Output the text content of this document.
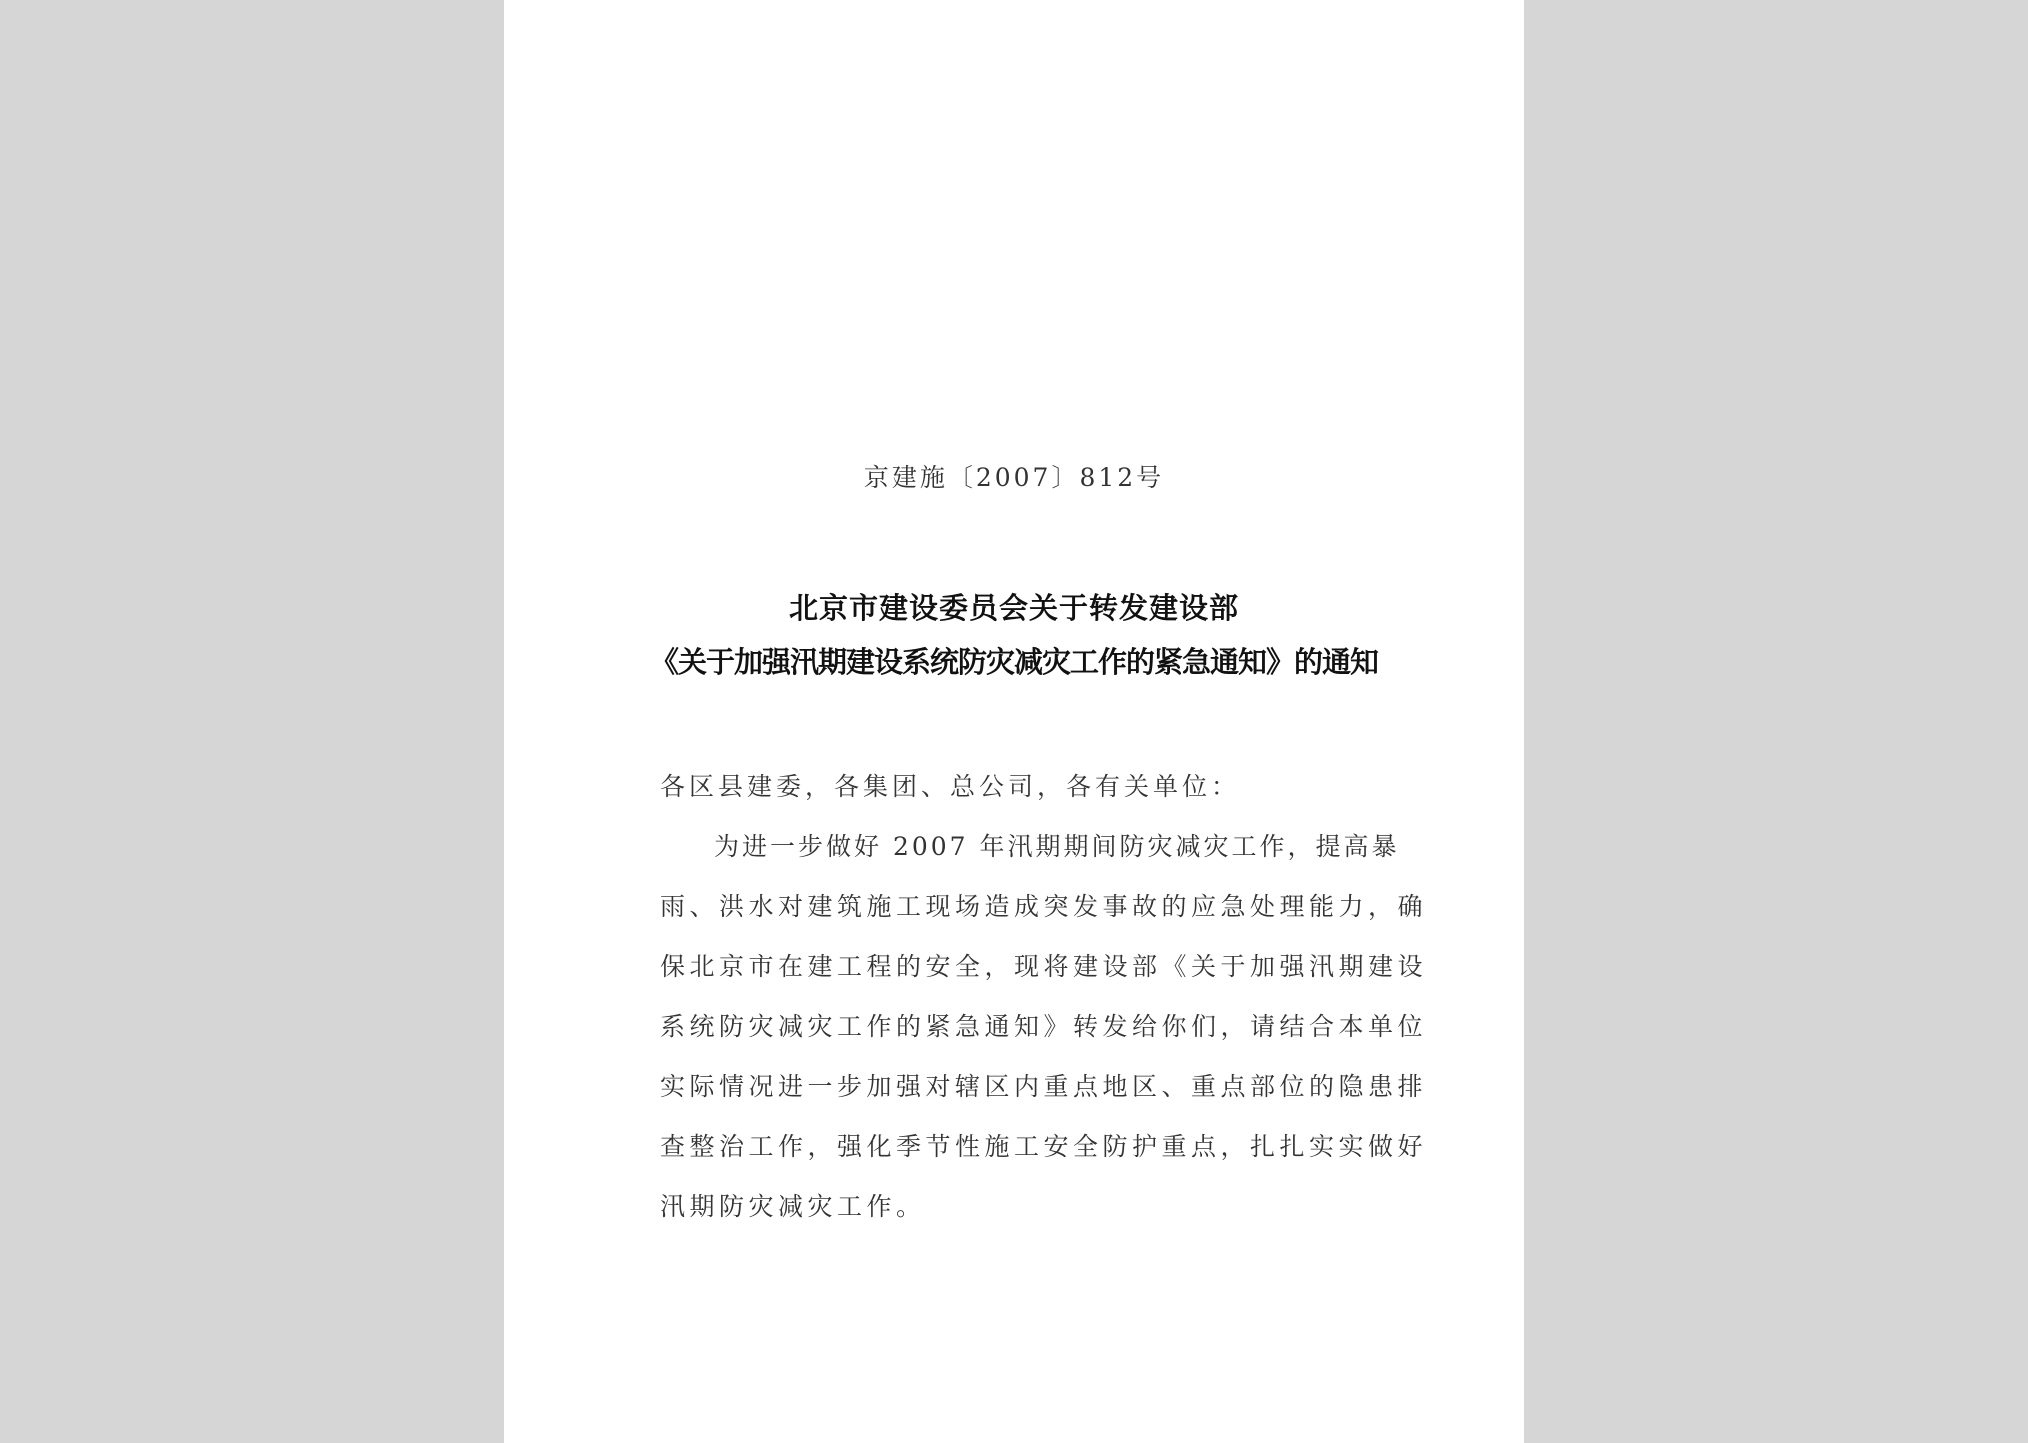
京建施〔2007〕812号
北京市建设委员会关于转发建设部
《关于加强汛期建设系统防灾减灾工作的紧急通知》的通知
各区县建委，各集团、总公司，各有关单位：
为进一步做好 2007 年汛期期间防灾减灾工作，提高暴
雨、洪水对建筑施工现场造成突发事故的应急处理能力，确
保北京市在建工程的安全，现将建设部《关于加强汛期建设
系统防灾减灾工作的紧急通知》转发给你们，请结合本单位
实际情况进一步加强对辖区内重点地区、重点部位的隐患排
查整治工作，强化季节性施工安全防护重点，扎扎实实做好
汛期防灾减灾工作。
